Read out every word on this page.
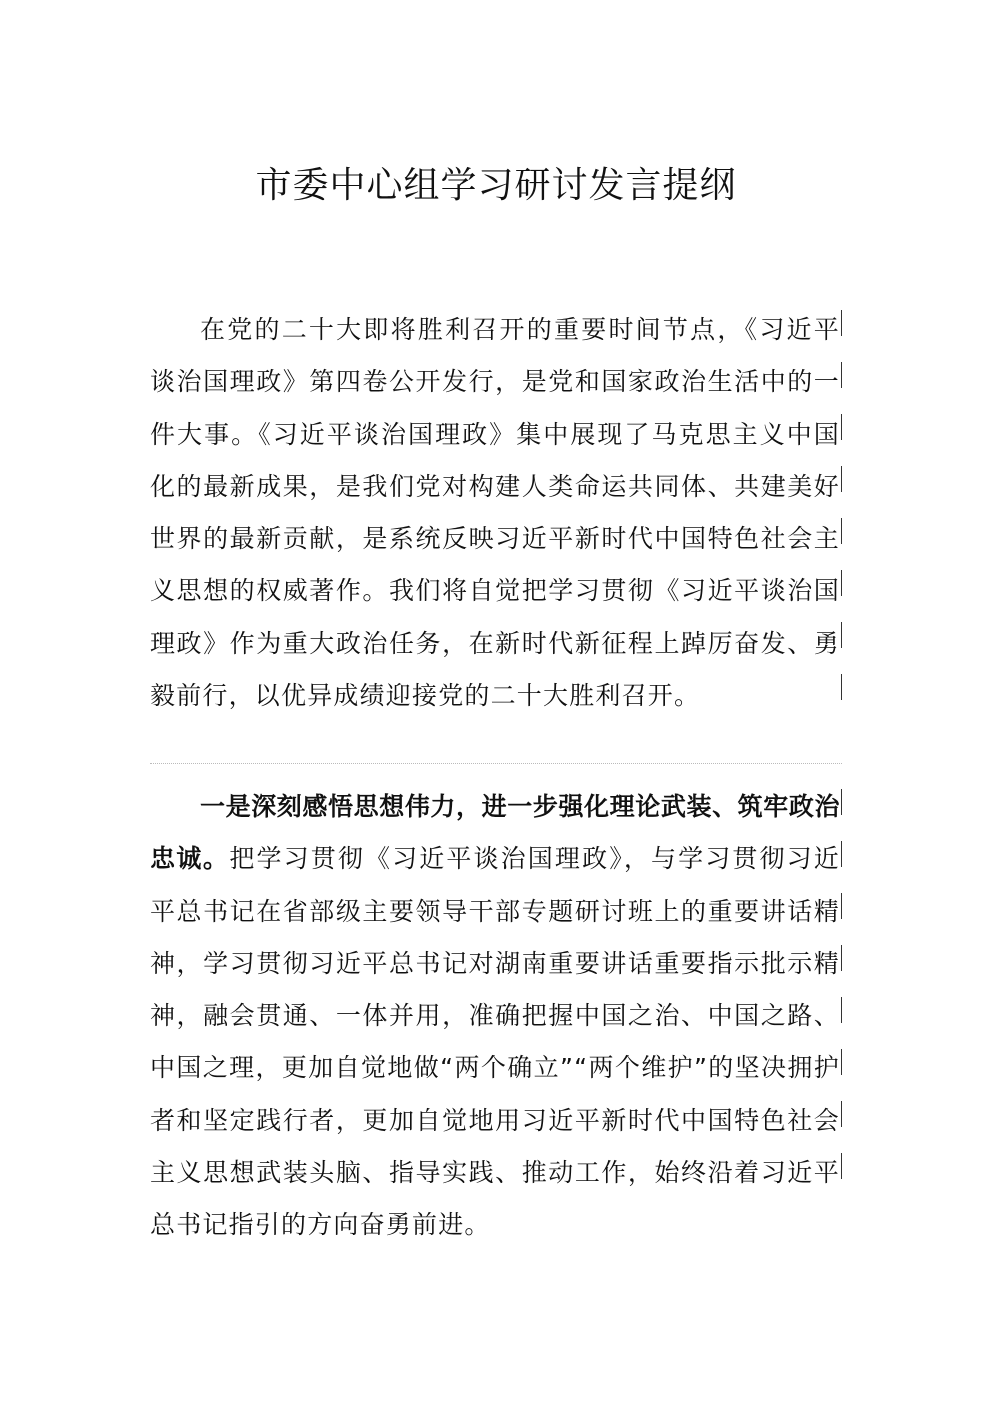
市委中心组学习研讨发言提纲
在党的二十大即将胜利召开的重要时间节点，《习近平谈治国理政》第四卷公开发行，是党和国家政治生活中的一件大事。《习近平谈治国理政》集中展现了马克思主义中国化的最新成果，是我们党对构建人类命运共同体、共建美好世界的最新贡献，是系统反映习近平新时代中国特色社会主义思想的权威著作。我们将自觉把学习贯彻《习近平谈治国理政》作为重大政治任务，在新时代新征程上踔厉奋发、勇毅前行，以优异成绩迎接党的二十大胜利召开。
一是深刻感悟思想伟力，进一步强化理论武装、筑牢政治忠诚。把学习贯彻《习近平谈治国理政》，与学习贯彻习近平总书记在省部级主要领导干部专题研讨班上的重要讲话精神，学习贯彻习近平总书记对湖南重要讲话重要指示批示精神，融会贯通、一体并用，准确把握中国之治、中国之路、中国之理，更加自觉地做“两个确立”“两个维护”的坚决拥护者和坚定践行者，更加自觉地用习近平新时代中国特色社会主义思想武装头脑、指导实践、推动工作，始终沿着习近平总书记指引的方向奋勇前进。
